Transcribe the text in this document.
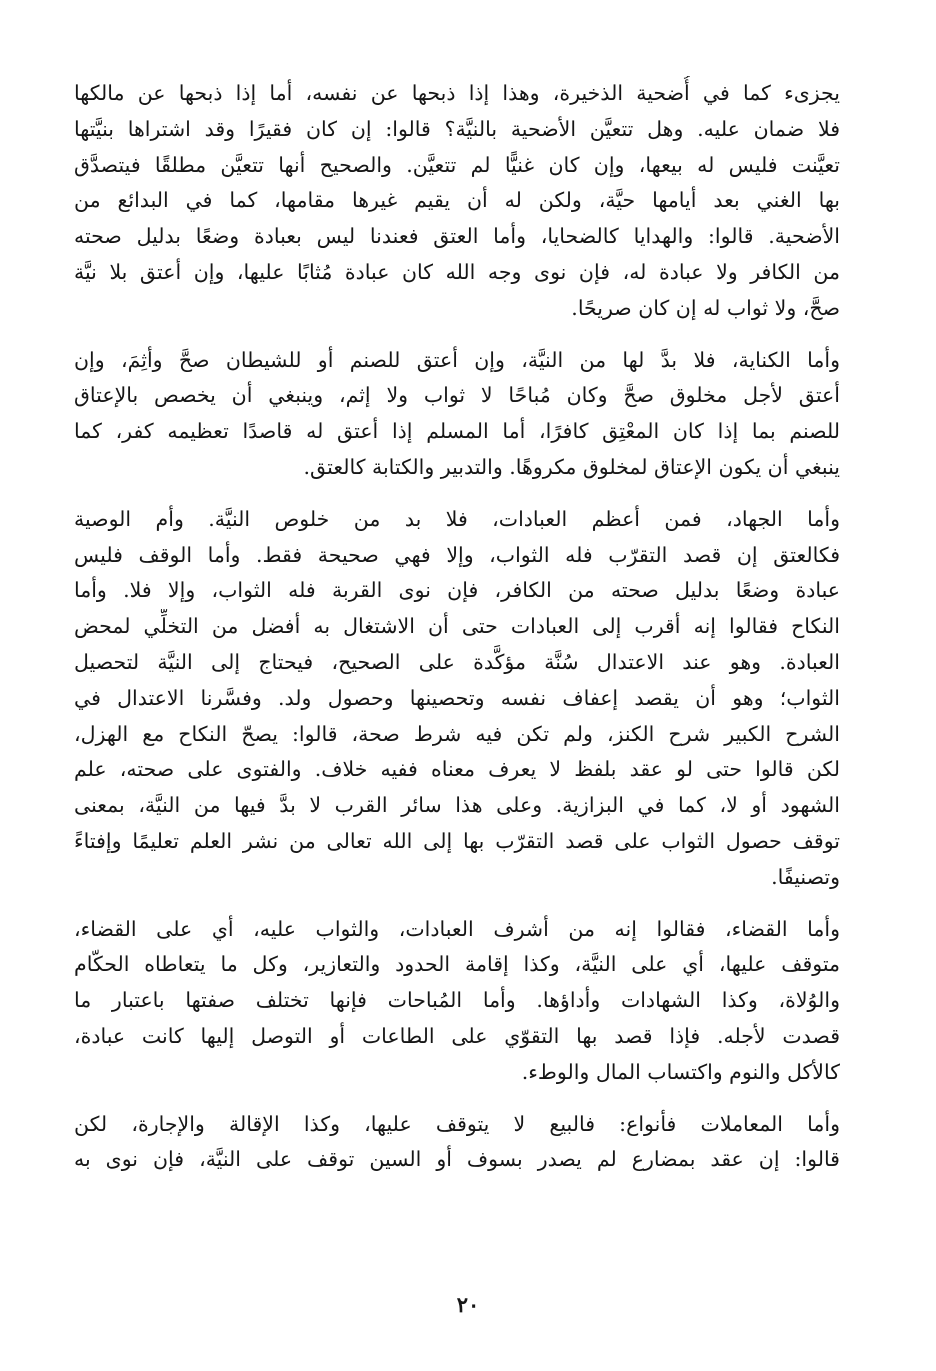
يجزىء كما في أُضحية الذخيرة، وهذا إذا ذبحها عن نفسه، أما إذا ذبحها عن مالكها
فلا ضمان عليه. وهل تتعيَّن الأضحية بالنيَّة؟ قالوا: إن كان فقيرًا وقد اشتراها بنيَّتها
تعيَّنت فليس له بيعها، وإن كان غنيًّا لم تتعيَّن. والصحيح أنها تتعيَّن مطلقًا فيتصدَّق
بها الغني بعد أيامها حيَّة، ولكن له أن يقيم غيرها مقامها، كما في البدائع من
الأضحية. قالوا: والهدايا كالضحايا، وأما العتق فعندنا ليس بعبادة وضعًا بدليل صحته
من الكافر ولا عبادة له، فإن نوى وجه الله كان عبادة مُثابًا عليها، وإن أعتق بلا نيَّة
صحَّ، ولا ثواب له إن كان صريحًا.
وأما الكناية، فلا بدَّ لها من النيَّة، وإن أعتق للصنم أو للشيطان صحَّ وأثِمَ، وإن
أعتق لأجل مخلوق صحَّ وكان مُباحًا لا ثواب ولا إثم، وينبغي أن يخصص بالإعتاق
للصنم بما إذا كان المعْتِق كافرًا، أما المسلم إذا أعتق له قاصدًا تعظيمه كفر، كما
ينبغي أن يكون الإعتاق لمخلوق مكروهًا. والتدبير والكتابة كالعتق.
وأما الجهاد، فمن أعظم العبادات، فلا بد من خلوص النيَّة. وأم الوصية
فكالعتق إن قصد التقرّب فله الثواب، وإلا فهي صحيحة فقط. وأما الوقف فليس
عبادة وضعًا بدليل صحته من الكافر، فإن نوى القربة فله الثواب، وإلا فلا. وأما
النكاح فقالوا إنه أقرب إلى العبادات حتى أن الاشتغال به أفضل من التخلِّي لمحض
العبادة. وهو عند الاعتدال سُنَّة مؤكَّدة على الصحيح، فيحتاج إلى النيَّة لتحصيل
الثواب؛ وهو أن يقصد إعفاف نفسه وتحصينها وحصول ولد. وفسَّرنا الاعتدال في
الشرح الكبير شرح الكنز، ولم تكن فيه شرط صحة، قالوا: يصحّ النكاح مع الهزل،
لكن قالوا حتى لو عقد بلفظ لا يعرف معناه ففيه خلاف. والفتوى على صحته، علم
الشهود أو لا، كما في البزازية. وعلى هذا سائر القرب لا بدَّ فيها من النيَّة، بمعنى
توقف حصول الثواب على قصد التقرّب بها إلى الله تعالى من نشر العلم تعليمًا وإفتاءً
وتصنيفًا.
وأما القضاء، فقالوا إنه من أشرف العبادات، والثواب عليه، أي على القضاء،
متوقف عليها، أي على النيَّة، وكذا إقامة الحدود والتعازير، وكل ما يتعاطاه الحكّام
والوُلاة، وكذا الشهادات وأداؤها. وأما المُباحات فإنها تختلف صفتها باعتبار ما
قصدت لأجله. فإذا قصد بها التقوّي على الطاعات أو التوصل إليها كانت عبادة،
كالأكل والنوم واكتساب المال والوطء.
وأما المعاملات فأنواع: فالبيع لا يتوقف عليها، وكذا الإقالة والإجارة، لكن
قالوا: إن عقد بمضارع لم يصدر بسوف أو السين توقف على النيَّة، فإن نوى به
٢٠
